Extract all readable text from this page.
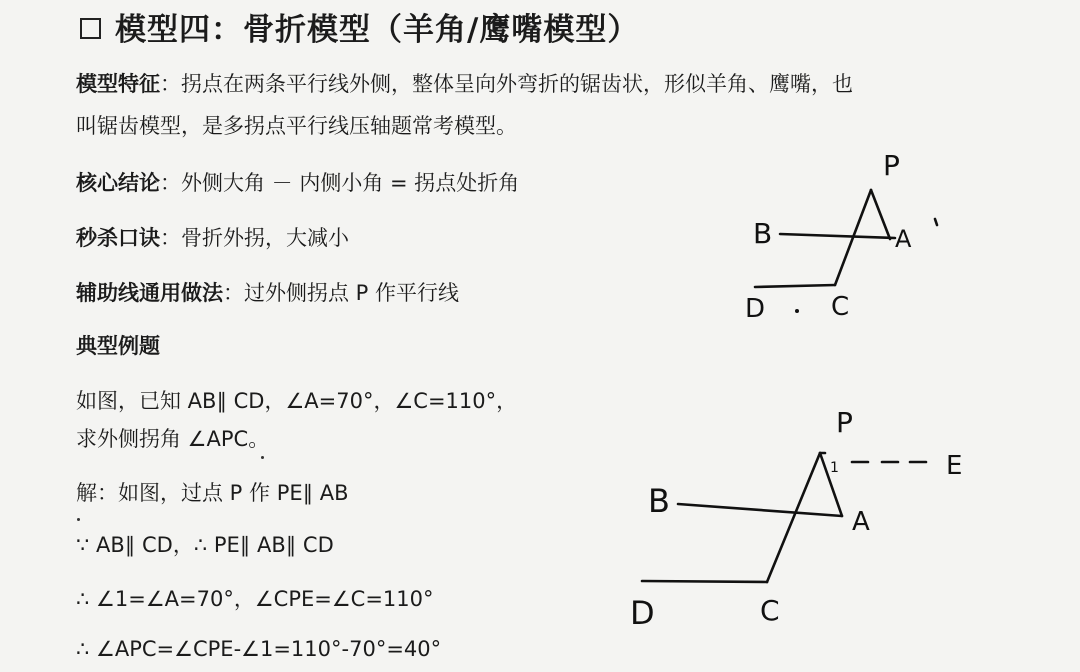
模型四：骨折模型（羊角/鹰嘴模型）
模型特征：拐点在两条平行线外侧，整体呈向外弯折的锯齿状，形似羊角、鹰嘴，也
叫锯齿模型，是多拐点平行线压轴题常考模型。
核心结论：外侧大角 － 内侧小角 = 拐点处折角
秒杀口诀：骨折外拐，大减小
辅助线通用做法：过外侧拐点 P 作平行线
典型例题
如图，已知 AB∥ CD，∠A=70°，∠C=110°，
求外侧拐角 ∠APC。
解：如图，过点 P 作 PE∥ AB
∵ AB∥ CD，∴ PE∥ AB∥ CD
∴ ∠1=∠A=70°，∠CPE=∠C=110°
∴ ∠APC=∠CPE-∠1=110°-70°=40°
P
B	A
D	C
P
1	E
B
A
D	C
